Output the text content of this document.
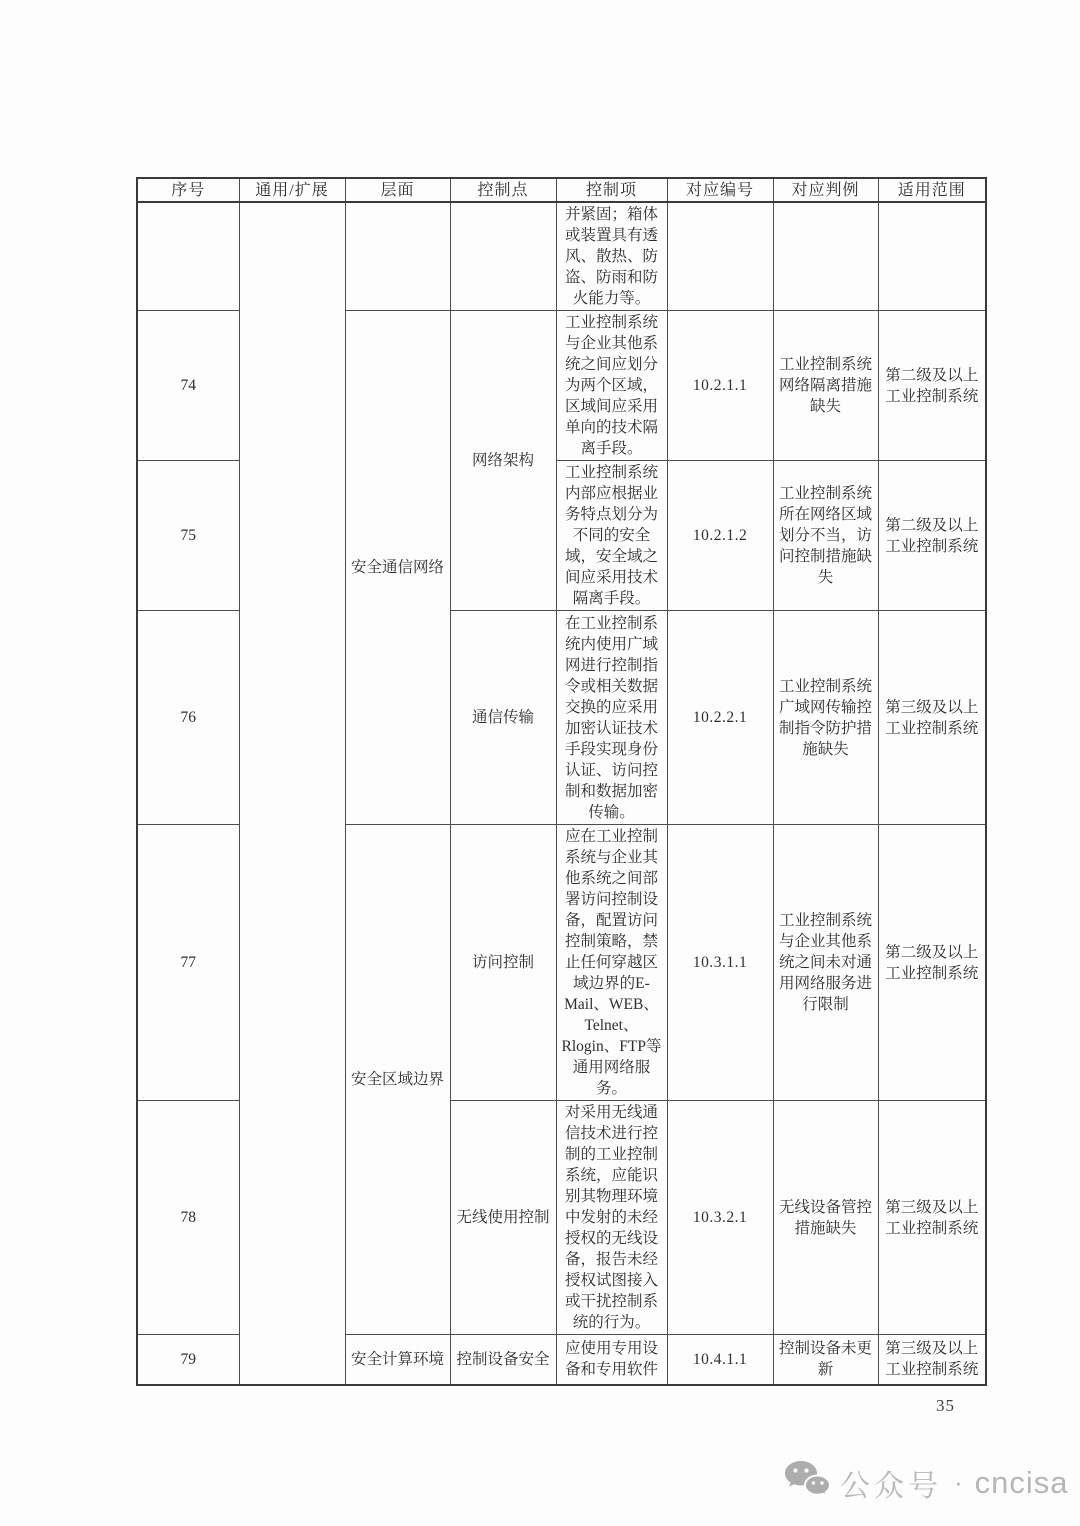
序号	通用/扩展	层面	控制点	控制项	对应编号	对应判例	适用范围
				并紧固；箱体或装置具有透风、散热、防盗、防雨和防火能力等。			
74		安全通信网络	网络架构	工业控制系统与企业其他系统之间应划分为两个区域，区域间应采用单向的技术隔离手段。	10.2.1.1	工业控制系统网络隔离措施缺失	第二级及以上工业控制系统
75				工业控制系统内部应根据业务特点划分为不同的安全域，安全域之间应采用技术隔离手段。	10.2.1.2	工业控制系统所在网络区域划分不当，访问控制措施缺失	第二级及以上工业控制系统
76			通信传输	在工业控制系统内使用广域网进行控制指令或相关数据交换的应采用加密认证技术手段实现身份认证、访问控制和数据加密传输。	10.2.2.1	工业控制系统广域网传输控制指令防护措施缺失	第三级及以上工业控制系统
77		安全区域边界	访问控制	应在工业控制系统与企业其他系统之间部署访问控制设备，配置访问控制策略，禁止任何穿越区域边界的E-Mail、WEB、Telnet、Rlogin、FTP等通用网络服务。	10.3.1.1	工业控制系统与企业其他系统之间未对通用网络服务进行限制	第二级及以上工业控制系统
78			无线使用控制	对采用无线通信技术进行控制的工业控制系统，应能识别其物理环境中发射的未经授权的无线设备，报告未经授权试图接入或干扰控制系统的行为。	10.3.2.1	无线设备管控措施缺失	第三级及以上工业控制系统
79		安全计算环境	控制设备安全	应使用专用设备和专用软件	10.4.1.1	控制设备未更新	第三级及以上工业控制系统
35
公众号 · cncisa
